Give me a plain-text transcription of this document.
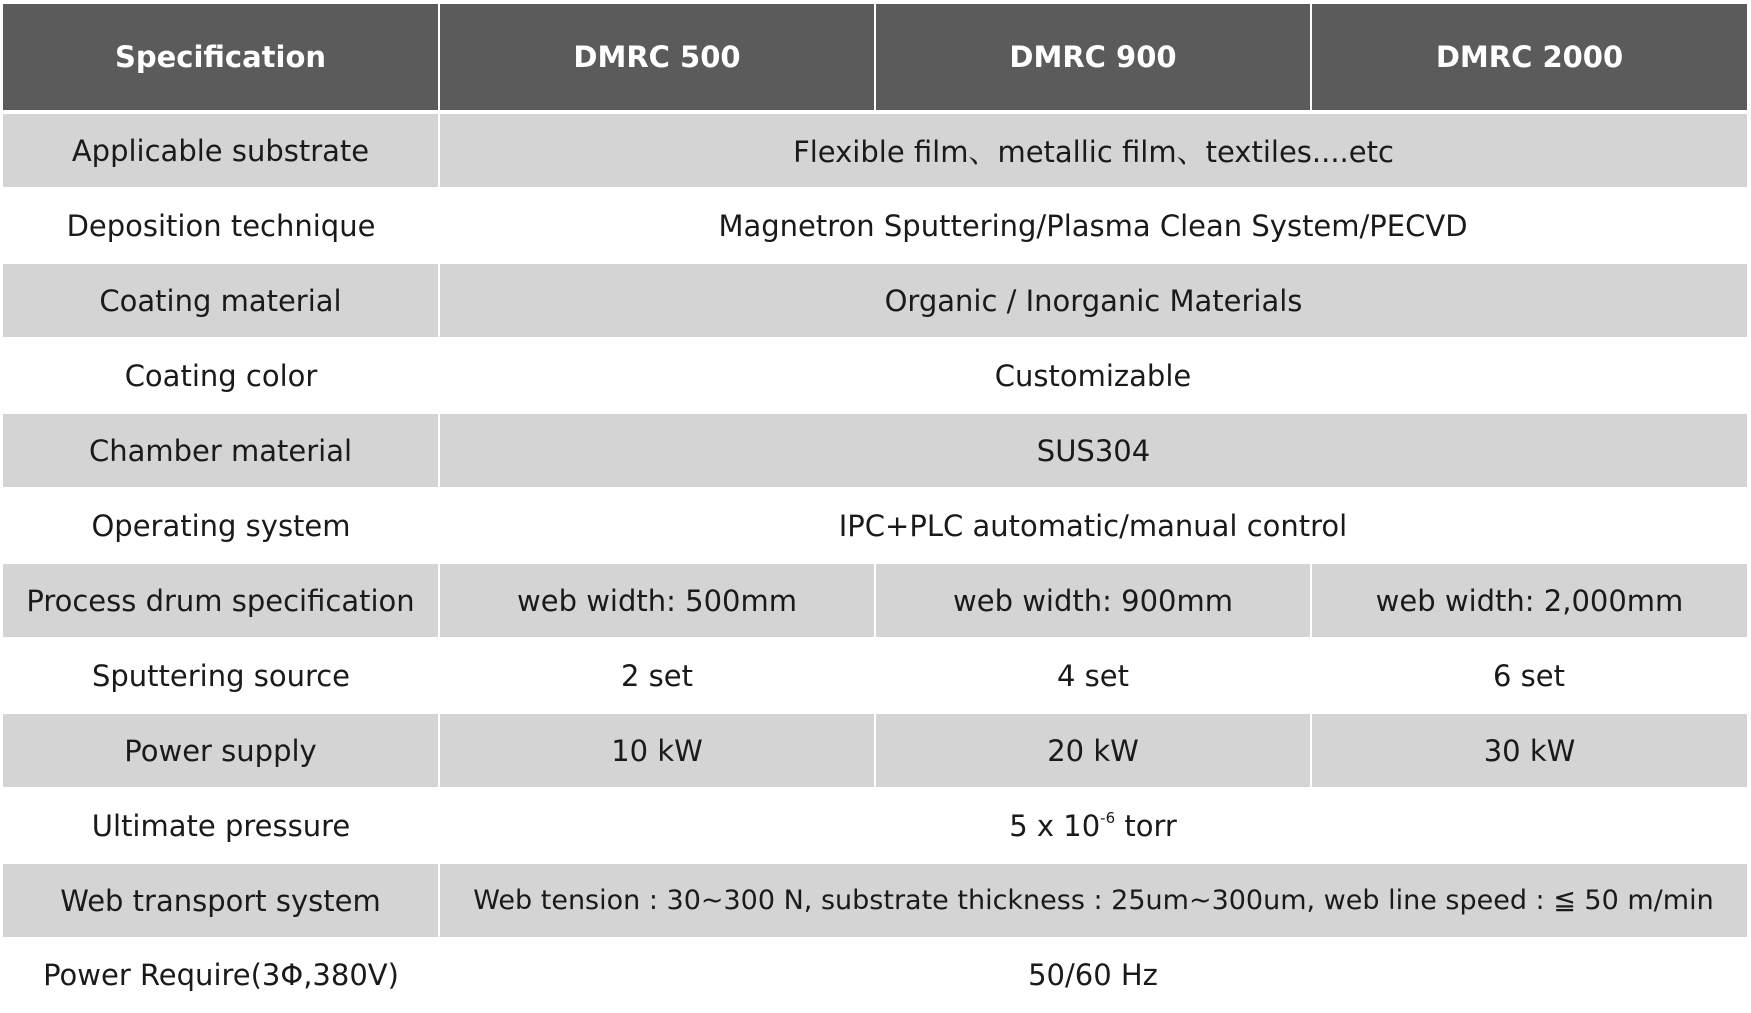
Specification	DMRC 500	DMRC 900	DMRC 2000
Applicable substrate	Flexible film、metallic film、textiles....etc		
Deposition technique	Magnetron Sputtering/Plasma Clean System/PECVD		
Coating material	Organic / Inorganic Materials		
Coating color	Customizable		
Chamber material	SUS304		
Operating system	IPC+PLC automatic/manual control		
Process drum specification	web width: 500mm	web width: 900mm	web width: 2,000mm
Sputtering source	2 set	4 set	6 set
Power supply	10 kW	20 kW	30 kW
Ultimate pressure	5 x $10^{-6}$ torr		
Web transport system	Web tension : 30~300 N, substrate thickness : 25um~300um, web line speed : ≦ 50 m/min		
Power Require(3Φ,380V)	50/60 Hz		
